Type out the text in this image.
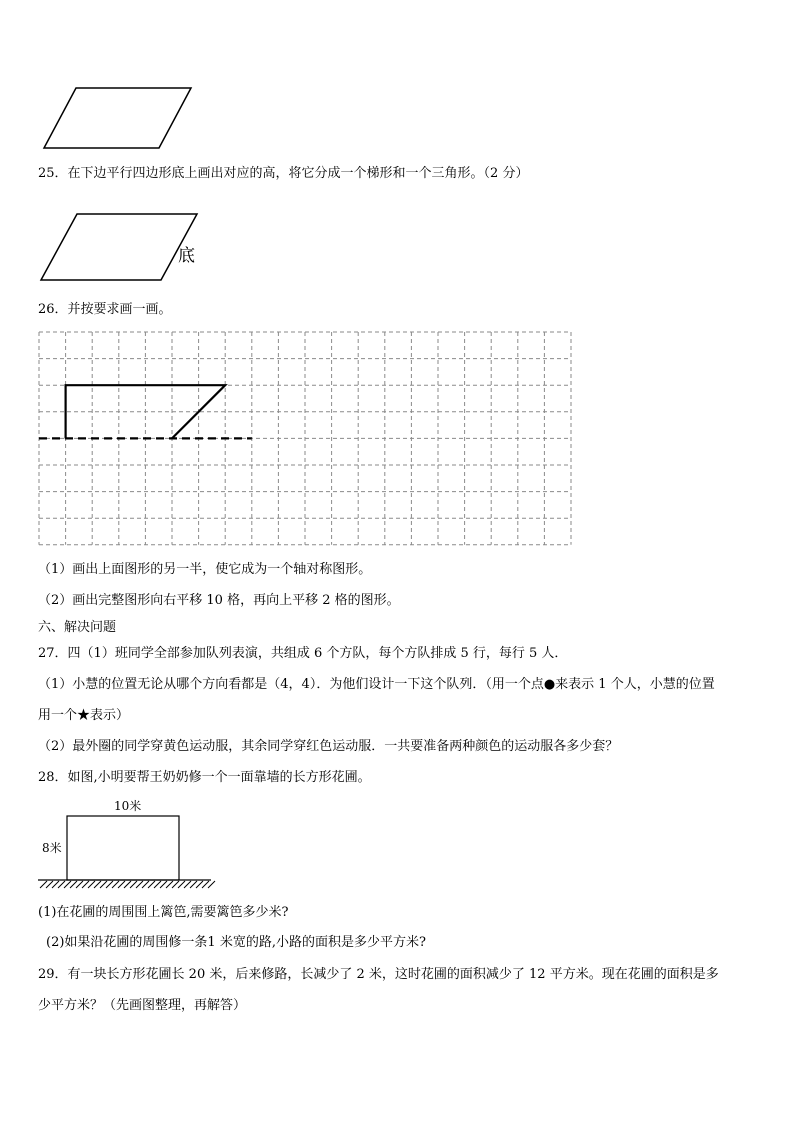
25．在下边平行四边形底上画出对应的高，将它分成一个梯形和一个三角形。（2 分）
底
26．并按要求画一画。
（1）画出上面图形的另一半，使它成为一个轴对称图形。
（2）画出完整图形向右平移 10 格，再向上平移 2 格的图形。
六、解决问题
27．四（1）班同学全部参加队列表演，共组成 6 个方队，每个方队排成 5 行，每行 5 人．
（1）小慧的位置无论从哪个方向看都是（4，4）．为他们设计一下这个队列．（用一个点●来表示 1 个人，小慧的位置
用一个★表示）
（2）最外圈的同学穿黄色运动服，其余同学穿红色运动服．一共要准备两种颜色的运动服各多少套？
28．如图,小明要帮王奶奶修一个一面靠墙的长方形花圃。
10米
8米
(1)在花圃的周围围上篱笆,需要篱笆多少米?
(2)如果沿花圃的周围修一条1 米宽的路,小路的面积是多少平方米?
29．有一块长方形花圃长 20 米，后来修路，长减少了 2 米，这时花圃的面积减少了 12 平方米。现在花圃的面积是多
少平方米？（先画图整理，再解答）
